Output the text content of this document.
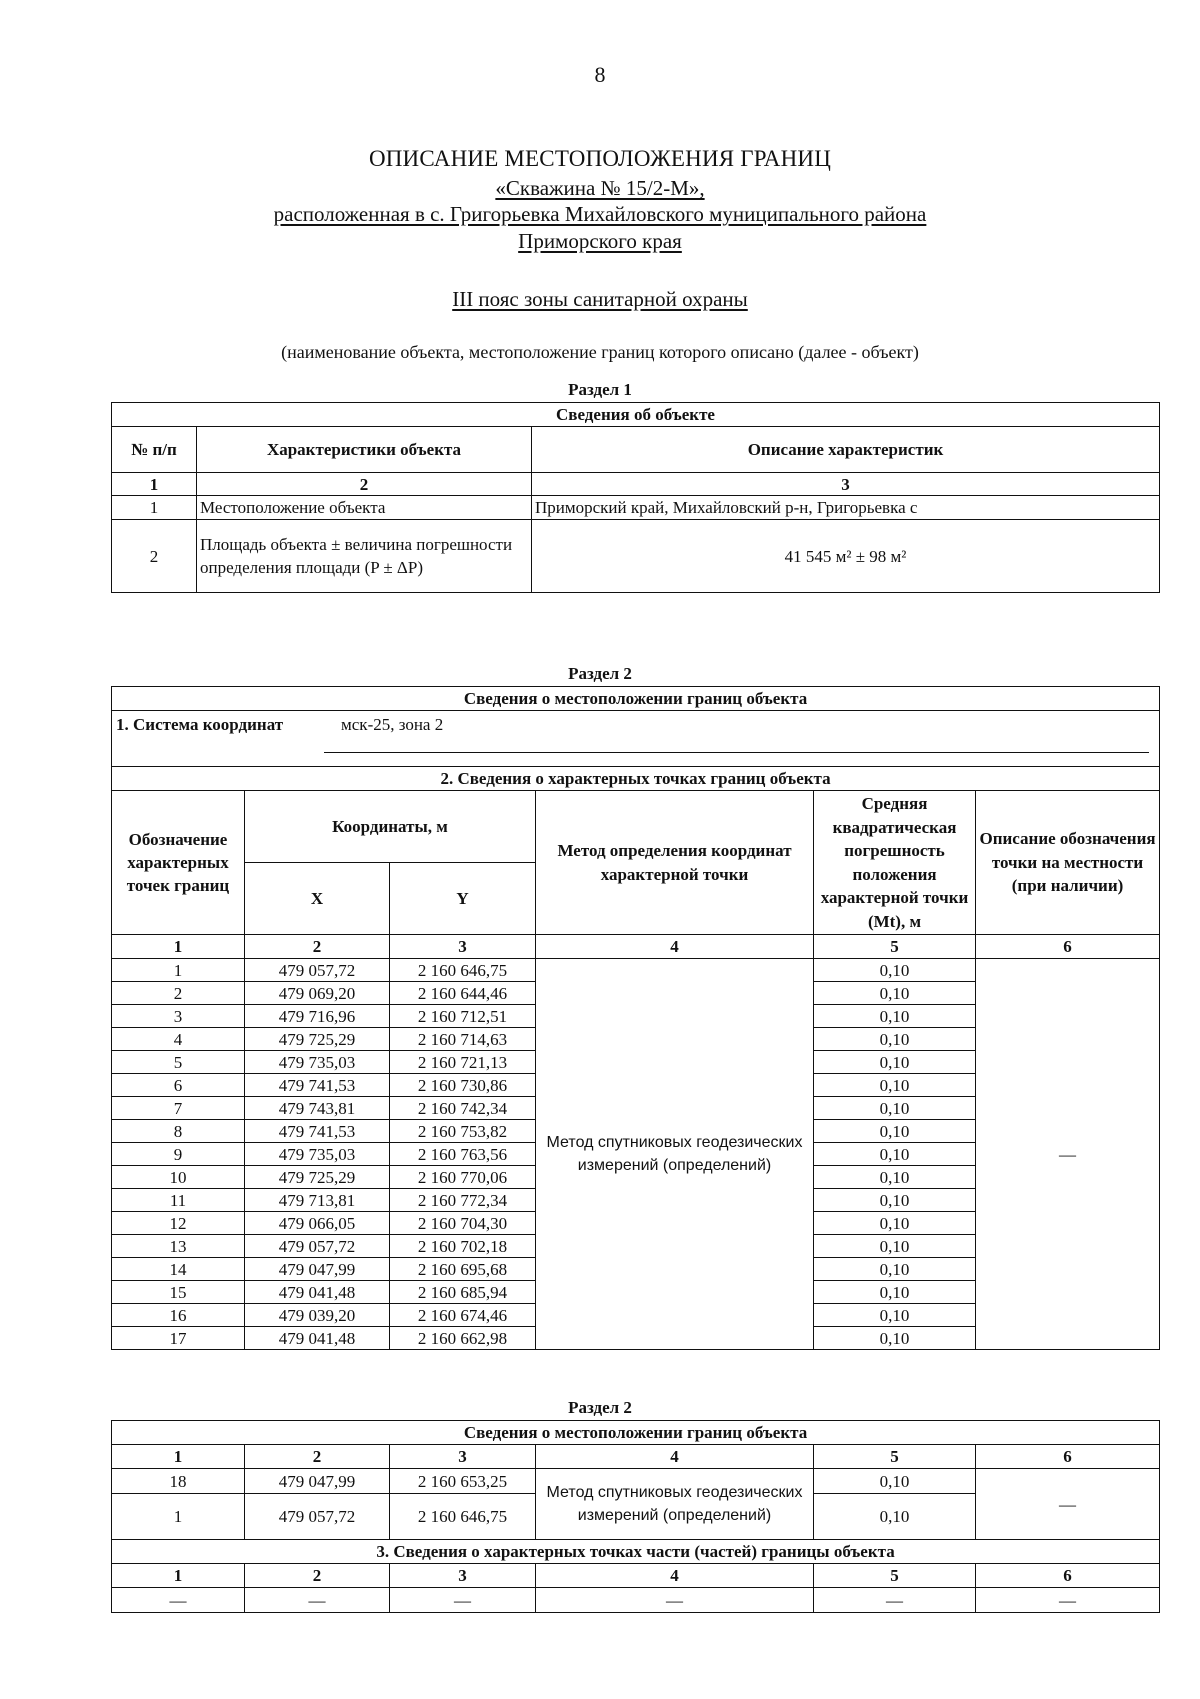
8
ОПИСАНИЕ МЕСТОПОЛОЖЕНИЯ ГРАНИЦ
«Скважина № 15/2-М»,
расположенная в с. Григорьевка Михайловского муниципального района
Приморского края
III пояс зоны санитарной охраны
(наименование объекта, местоположение границ которого описано (далее - объект)
Раздел 1
Сведения об объекте		
№ п/п	Характеристики объекта	Описание характеристик
1	2	3
1	Местоположение объекта	Приморский край, Михайловский р-н, Григорьевка с
2	Площадь объекта ± величина погрешности определения площади (P ± ΔP)	41 545 м² ± 98 м²
Раздел 2
Сведения о местоположении границ объекта					

1. Система координат мск-25, зона 2					

2. Сведения о характерных точках границ объекта					
Обозначение характерных точек границ	Координаты, м		Метод определения координат характерной точки	Средняя квадратическая погрешность положения характерной точки (Mt), м	Описание обозначения точки на местности (при наличии)
	X	Y			
1	2	3	4	5	6
1	479 057,72	2 160 646,75	Метод спутниковых геодезических измерений (определений)	0,10	—
2	479 069,20	2 160 644,46		0,10	
3	479 716,96	2 160 712,51		0,10	
4	479 725,29	2 160 714,63		0,10	
5	479 735,03	2 160 721,13		0,10	
6	479 741,53	2 160 730,86		0,10	
7	479 743,81	2 160 742,34		0,10	
8	479 741,53	2 160 753,82		0,10	
9	479 735,03	2 160 763,56		0,10	
10	479 725,29	2 160 770,06		0,10	
11	479 713,81	2 160 772,34		0,10	
12	479 066,05	2 160 704,30		0,10	
13	479 057,72	2 160 702,18		0,10	
14	479 047,99	2 160 695,68		0,10	
15	479 041,48	2 160 685,94		0,10	
16	479 039,20	2 160 674,46		0,10	
17	479 041,48	2 160 662,98		0,10	
Раздел 2
Сведения о местоположении границ объекта					
1	2	3	4	5	6
18	479 047,99	2 160 653,25	Метод спутниковых геодезических измерений (определений)	0,10	—
1	479 057,72	2 160 646,75		0,10	
3. Сведения о характерных точках части (частей) границы объекта					
1	2	3	4	5	6
—	—	—	—	—	—
